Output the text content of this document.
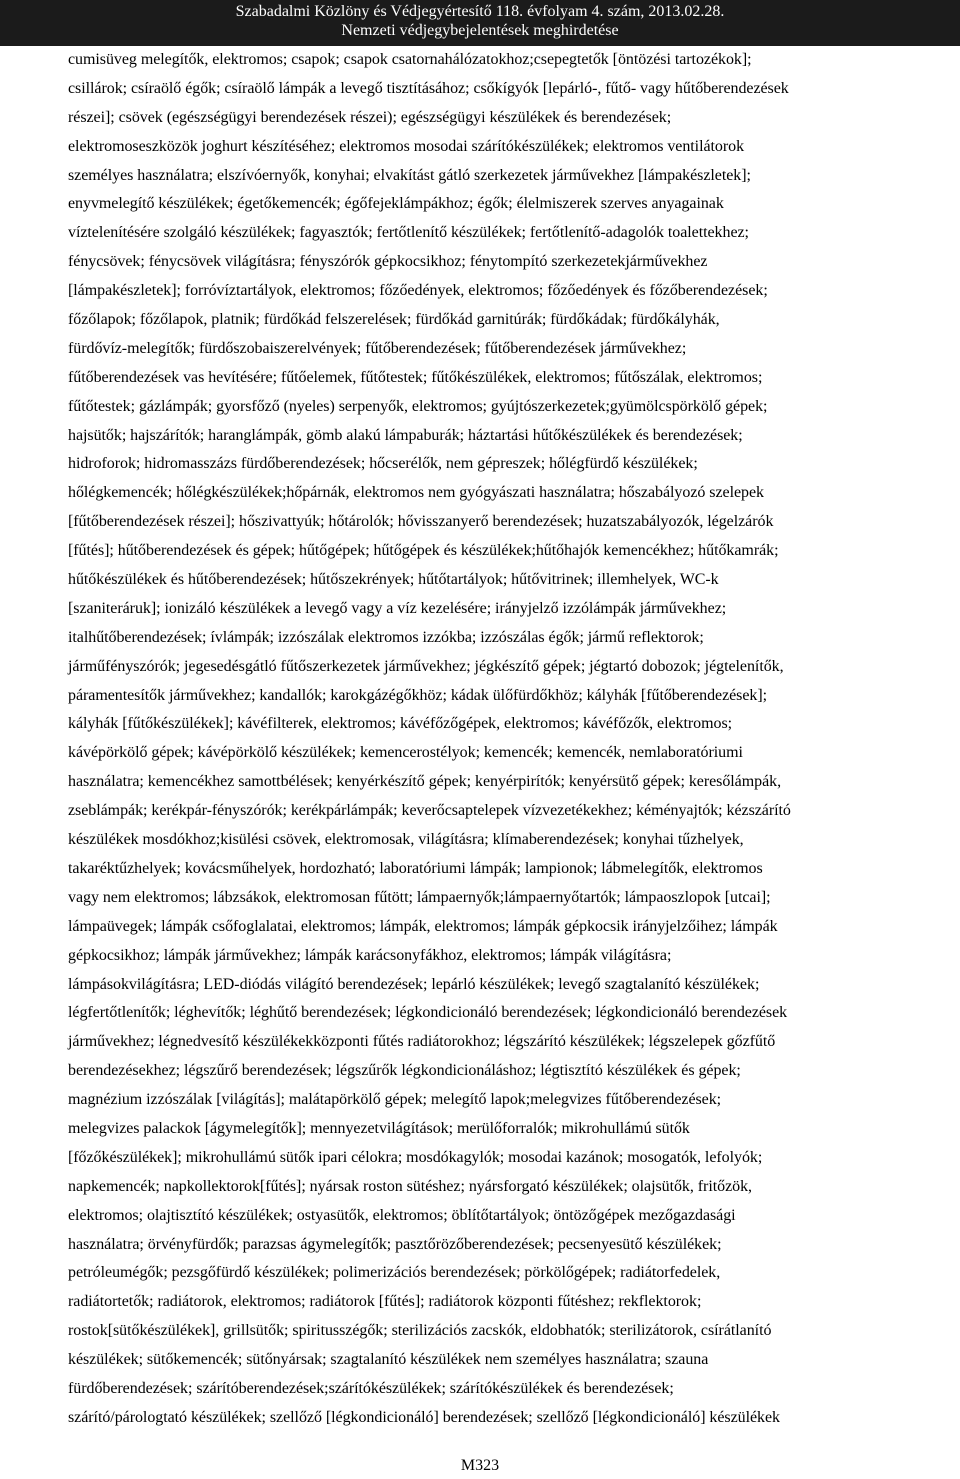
Szabadalmi Közlöny és Védjegyértesítő 118. évfolyam 4. szám, 2013.02.28.
Nemzeti védjegybejelentések meghirdetése
cumisüveg melegítők, elektromos; csapok; csapok csatornahálózatokhoz;csepegtetők [öntözési tartozékok];
csillárok; csíraölő égők; csíraölő lámpák a levegő tisztításához; csőkígyók [lepárló-, fűtő- vagy hűtőberendezések
részei]; csövek (egészségügyi berendezések részei); egészségügyi készülékek és berendezések;
elektromoseszközök joghurt készítéséhez; elektromos mosodai szárítókészülékek; elektromos ventilátorok
személyes használatra; elszívóernyők, konyhai; elvakítást gátló szerkezetek járművekhez [lámpakészletek];
enyvmelegítő készülékek; égetőkemencék; égőfejeklámpákhoz; égők; élelmiszerek szerves anyagainak
víztelenítésére szolgáló készülékek; fagyasztók; fertőtlenítő készülékek; fertőtlenítő-adagolók toalettekhez;
fénycsövek; fénycsövek világításra; fényszórók gépkocsikhoz; fénytompító szerkezetekjárművekhez
[lámpakészletek]; forróvíztartályok, elektromos; főzőedények, elektromos; főzőedények és főzőberendezések;
főzőlapok; főzőlapok, platnik; fürdőkád felszerelések; fürdőkád garnitúrák; fürdőkádak; fürdőkályhák,
fürdővíz-melegítők; fürdőszobaiszerelvények; fűtőberendezések; fűtőberendezések járművekhez;
fűtőberendezések vas hevítésére; fűtőelemek, fűtőtestek; fűtőkészülékek, elektromos; fűtőszálak, elektromos;
fűtőtestek; gázlámpák; gyorsfőző (nyeles) serpenyők, elektromos; gyújtószerkezetek;gyümölcspörkölő gépek;
hajsütők; hajszárítók; haranglámpák, gömb alakú lámpaburák; háztartási hűtőkészülékek és berendezések;
hidroforok; hidromasszázs fürdőberendezések; hőcserélők, nem gépreszek; hőlégfürdő készülékek;
hőlégkemencék; hőlégkészülékek;hőpárnák, elektromos nem gyógyászati használatra; hőszabályozó szelepek
[fűtőberendezések részei]; hőszivattyúk; hőtárolók; hővisszanyerő berendezések; huzatszabályozók, légelzárók
[fűtés]; hűtőberendezések és gépek; hűtőgépek; hűtőgépek és készülékek;hűtőhajók kemencékhez; hűtőkamrák;
hűtőkészülékek és hűtőberendezések; hűtőszekrények; hűtőtartályok; hűtővitrinek; illemhelyek, WC-k
[szaniteráruk]; ionizáló készülékek a levegő vagy a víz kezelésére; irányjelző izzólámpák járművekhez;
italhűtőberendezések; ívlámpák; izzószálak elektromos izzókba; izzószálas égők; jármű reflektorok;
járműfényszórók; jegesedésgátló fűtőszerkezetek járművekhez; jégkészítő gépek; jégtartó dobozok; jégtelenítők,
páramentesítők járművekhez; kandallók; karokgázégőkhöz; kádak ülőfürdőkhöz; kályhák [fűtőberendezések];
kályhák [fűtőkészülékek]; kávéfilterek, elektromos; kávéfőzőgépek, elektromos; kávéfőzők, elektromos;
kávépörkölő gépek; kávépörkölő készülékek; kemencerostélyok; kemencék; kemencék, nemlaboratóriumi
használatra; kemencékhez samottbélések; kenyérkészítő gépek; kenyérpirítók; kenyérsütő gépek; keresőlámpák,
zseblámpák; kerékpár-fényszórók; kerékpárlámpák; keverőcsaptelepek vízvezetékekhez; kéményajtók; kézszárító
készülékek mosdókhoz;kisülési csövek, elektromosak, világításra; klímaberendezések; konyhai tűzhelyek,
takaréktűzhelyek; kovácsműhelyek, hordozható; laboratóriumi lámpák; lampionok; lábmelegítők, elektromos
vagy nem elektromos; lábzsákok, elektromosan fűtött; lámpaernyők;lámpaernyőtartók; lámpaoszlopok [utcai];
lámpaüvegek; lámpák csőfoglalatai, elektromos; lámpák, elektromos; lámpák gépkocsik irányjelzőihez; lámpák
gépkocsikhoz; lámpák járművekhez; lámpák karácsonyfákhoz, elektromos; lámpák világításra;
lámpásokvilágításra; LED-diódás világító berendezések; lepárló készülékek; levegő szagtalanító készülékek;
légfertőtlenítők; léghevítők; léghűtő berendezések; légkondicionáló berendezések; légkondicionáló berendezések
járművekhez; légnedvesítő készülékekközponti fűtés radiátorokhoz; légszárító készülékek; légszelepek gőzfűtő
berendezésekhez; légszűrő berendezések; légszűrők légkondicionáláshoz; légtisztító készülékek és gépek;
magnézium izzószálak [világítás]; malátapörkölő gépek; melegítő lapok;melegvizes fűtőberendezések;
melegvizes palackok [ágymelegítők]; mennyezetvilágítások; merülőforralók; mikrohullámú sütők
[főzőkészülékek]; mikrohullámú sütők ipari célokra; mosdókagylók; mosodai kazánok; mosogatók, lefolyók;
napkemencék; napkollektorok[fűtés]; nyársak roston sütéshez; nyársforgató készülékek; olajsütők, fritőzök,
elektromos; olajtisztító készülékek; ostyasütők, elektromos; öblítőtartályok; öntözőgépek mezőgazdasági
használatra; örvényfürdők; parazsas ágymelegítők; pasztőrözőberendezések; pecsenyesütő készülékek;
petróleumégők; pezsgőfürdő készülékek; polimerizációs berendezések; pörkölőgépek; radiátorfedelek,
radiátortetők; radiátorok, elektromos; radiátorok [fűtés]; radiátorok központi fűtéshez; rekflektorok;
rostok[sütőkészülékek], grillsütők; spiritusszégők; sterilizációs zacskók, eldobhatók; sterilizátorok, csírátlanító
készülékek; sütőkemencék; sütőnyársak; szagtalanító készülékek nem személyes használatra; szauna
fürdőberendezések; szárítóberendezések;szárítókészülékek; szárítókészülékek és berendezések;
szárító/párologtató készülékek; szellőző [légkondicionáló] berendezések; szellőző [légkondicionáló] készülékek
M323
